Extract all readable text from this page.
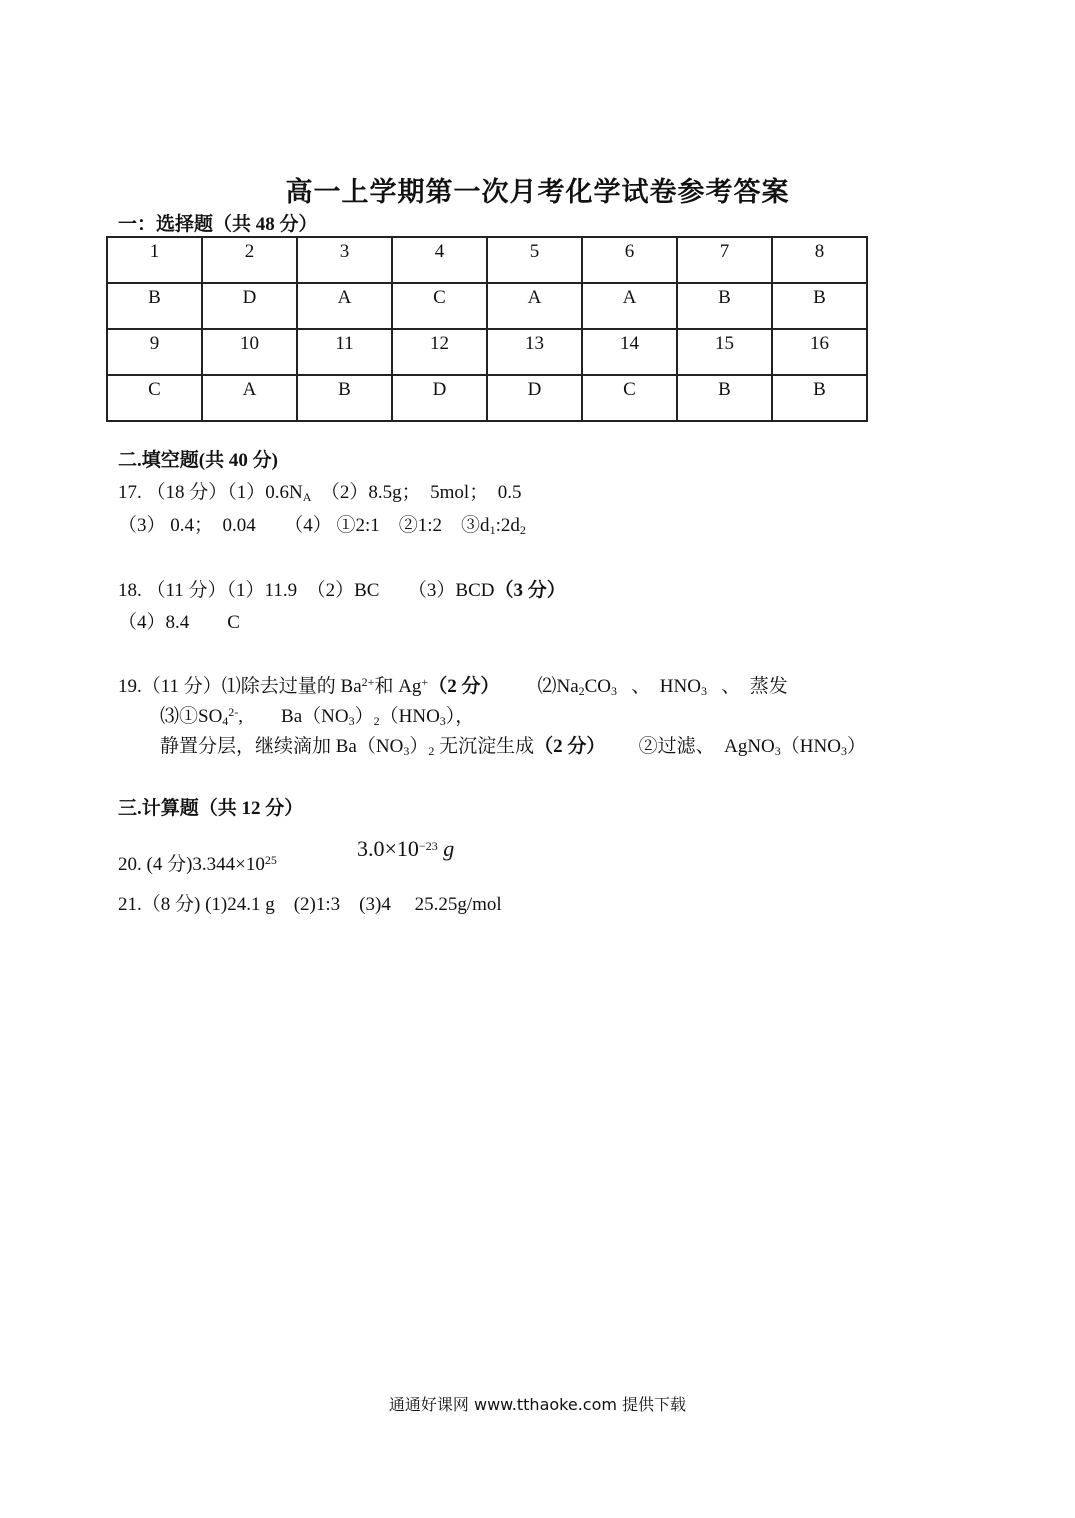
高一上学期第一次月考化学试卷参考答案
一：选择题（共 48 分）
1	2	3	4	5	6	7	8
B	D	A	C	A	A	B	B
9	10	11	12	13	14	15	16
C	A	B	D	D	C	B	B
二.填空题(共 40 分)
17. （18 分）$(1)0.6N_A$ （2）8.5g；　5mol；　0.5
（3） 0.4；　0.04　　（4） ①2:1　②1:2　$③d_1:2d_2$
18. （11 分）（1）11.9　（2）BC　　（3）BCD（3 分）
（4）8.4　　C
19.（11 分）⑴除去过量的 $Ba^{2+}$和 Ag+（2 分）    　$⑵Na_2CO_3$ 、　$HNO_3$ 、　蒸发
$⑶①SO_4^{2-}$,　　$Ba(NO_3)_2(HNO_3)$，
静置分层，继续滴加 $Ba(NO_3)_2$ 无沉淀生成（2 分）   　②过滤、　$AgNO_3(HNO_3)$
三.计算题（共 12 分）
20. (4 分)$3.344\times 10^{25}$	$3.0\times 10^{-23}$ g
21.（8 分) (1)24.1 g　(2)1:3　(3)4　 25.25g/mol
通通好课网 www.tthaoke.com 提供下载
